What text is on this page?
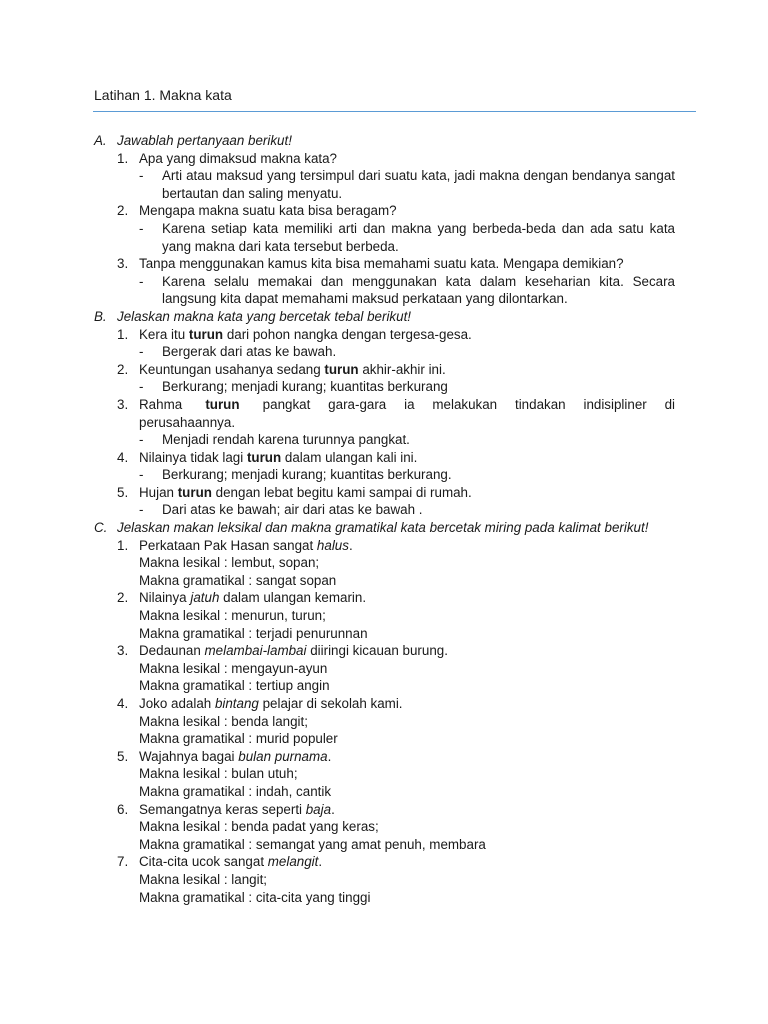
Latihan 1. Makna kata
A. Jawablah pertanyaan berikut!
1. Apa yang dimaksud makna kata?
-	Arti atau maksud yang tersimpul dari suatu kata, jadi makna dengan bendanya sangat bertautan dan saling menyatu.
2. Mengapa makna suatu kata bisa beragam?
-	Karena setiap kata memiliki arti dan makna yang berbeda-beda dan ada satu kata yang makna dari kata tersebut berbeda.
3. Tanpa menggunakan kamus kita bisa memahami suatu kata. Mengapa demikian?
-	Karena selalu memakai dan menggunakan kata dalam keseharian kita. Secara langsung kita dapat memahami maksud perkataan yang dilontarkan.
B. Jelaskan makna kata yang bercetak tebal berikut!
1. Kera itu turun dari pohon nangka dengan tergesa-gesa.
-	Bergerak dari atas ke bawah.
2. Keuntungan usahanya sedang turun akhir-akhir ini.
-	Berkurang; menjadi kurang; kuantitas berkurang
3. Rahma turun pangkat gara-gara ia melakukan tindakan indisipliner di perusahaannya.
-	Menjadi rendah karena turunnya pangkat.
4. Nilainya tidak lagi turun dalam ulangan kali ini.
-	Berkurang; menjadi kurang; kuantitas berkurang.
5. Hujan turun dengan lebat begitu kami sampai di rumah.
-	Dari atas ke bawah; air dari atas ke bawah .
C. Jelaskan makan leksikal dan makna gramatikal kata bercetak miring pada kalimat berikut!
1. Perkataan Pak Hasan sangat halus.
Makna lesikal : lembut, sopan;
Makna gramatikal : sangat sopan
2. Nilainya jatuh dalam ulangan kemarin.
Makna lesikal : menurun, turun;
Makna gramatikal : terjadi penurunnan
3. Dedaunan melambai-lambai diiringi kicauan burung.
Makna lesikal : mengayun-ayun
Makna gramatikal : tertiup angin
4. Joko adalah bintang pelajar di sekolah kami.
Makna lesikal : benda langit;
Makna gramatikal : murid populer
5. Wajahnya bagai bulan purnama.
Makna lesikal : bulan utuh;
Makna gramatikal : indah, cantik
6. Semangatnya keras seperti baja.
Makna lesikal : benda padat yang keras;
Makna gramatikal : semangat yang amat penuh, membara
7. Cita-cita ucok sangat melangit.
Makna lesikal : langit;
Makna gramatikal : cita-cita yang tinggi
